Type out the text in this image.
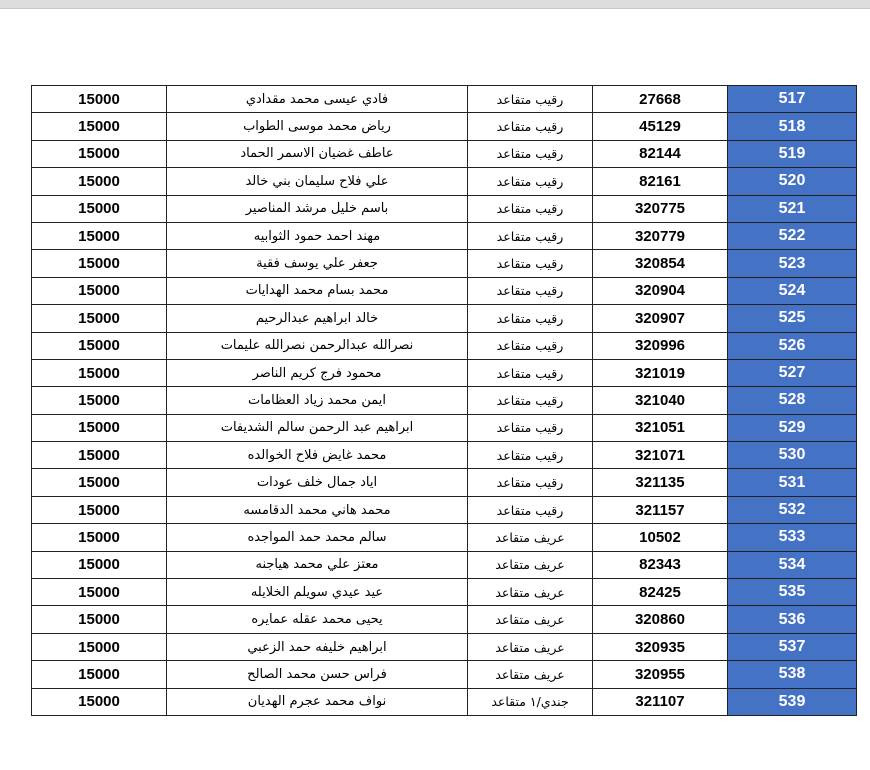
15000	فادي عيسى محمد مقدادي	رقيب متقاعد	27668	517
15000	رياض محمد موسى الطواب	رقيب متقاعد	45129	518
15000	عاطف غضيان الاسمر الحماد	رقيب متقاعد	82144	519
15000	علي فلاح سليمان بني خالد	رقيب متقاعد	82161	520
15000	باسم خليل مرشد المناصير	رقيب متقاعد	320775	521
15000	مهند احمد حمود الثوابيه	رقيب متقاعد	320779	522
15000	جعفر علي يوسف فقية	رقيب متقاعد	320854	523
15000	محمد بسام محمد الهدايات	رقيب متقاعد	320904	524
15000	خالد ابراهيم عبدالرحيم	رقيب متقاعد	320907	525
15000	نصرالله عبدالرحمن نصرالله عليمات	رقيب متقاعد	320996	526
15000	محمود فرج كريم الناصر	رقيب متقاعد	321019	527
15000	ايمن محمد زياد العظامات	رقيب متقاعد	321040	528
15000	ابراهيم عبد الرحمن سالم الشديفات	رقيب متقاعد	321051	529
15000	محمد غايض فلاح الخوالده	رقيب متقاعد	321071	530
15000	اياد جمال خلف عودات	رقيب متقاعد	321135	531
15000	محمد هاني محمد الدقامسه	رقيب متقاعد	321157	532
15000	سالم محمد حمد المواجده	عريف متقاعد	10502	533
15000	معتز علي محمد هياجنه	عريف متقاعد	82343	534
15000	عيد عيدي سويلم الخلايله	عريف متقاعد	82425	535
15000	يحيى محمد عقله عمايره	عريف متقاعد	320860	536
15000	ابراهيم خليفه حمد الزعبي	عريف متقاعد	320935	537
15000	فراس حسن محمد الصالح	عريف متقاعد	320955	538
15000	نواف محمد عجرم الهديان	جندي/١ متقاعد	321107	539
